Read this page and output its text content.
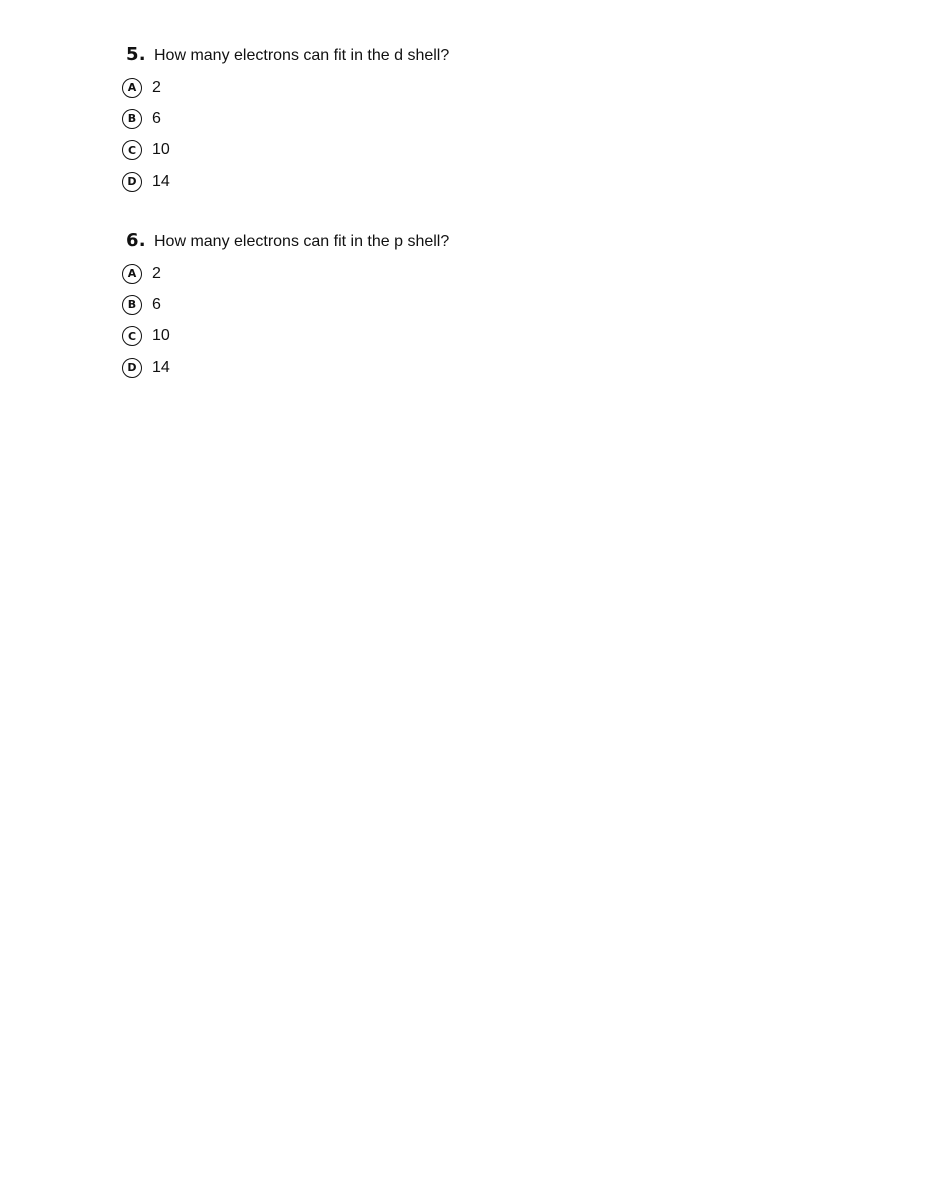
5. How many electrons can fit in the d shell?
A 2
B 6
C 10
D 14
6. How many electrons can fit in the p shell?
A 2
B 6
C 10
D 14
